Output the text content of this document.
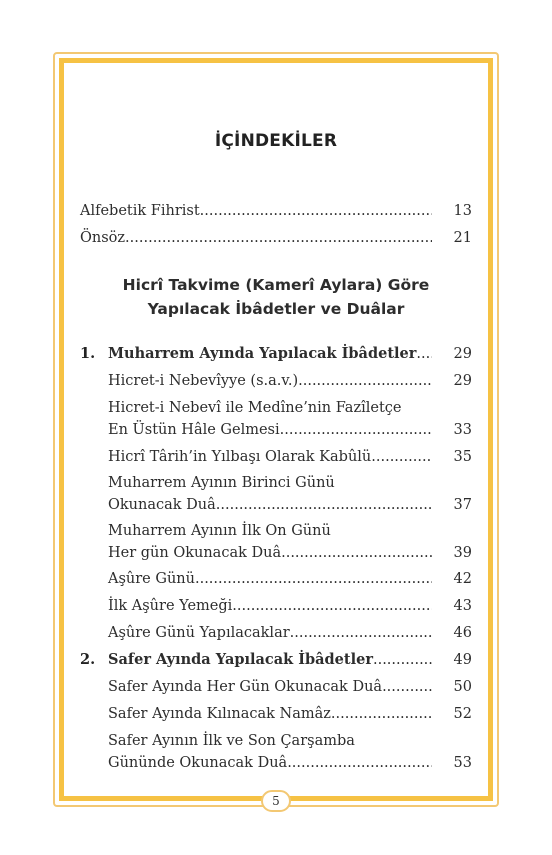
İÇİNDEKİLER
Alfebetik Fihrist .....	13
Önsöz .....	21
Hicrî Takvime (Kamerî Aylara) Göre
Yapılacak İbâdetler ve Duâlar
1. Muharrem Ayında Yapılacak İbâdetler .....	29
Hicret-i Nebevîyye (s.a.v.) .....	29
Hicret-i Nebevî ile Medîne’nin Fazîletçe
En Üstün Hâle Gelmesi .....	33
Hicrî Târih’in Yılbaşı Olarak Kabûlü .....	35
Muharrem Ayının Birinci Günü
Okunacak Duâ .....	37
Muharrem Ayının İlk On Günü
Her gün Okunacak Duâ .....	39
Aşûre Günü .....	42
İlk Aşûre Yemeği .....	43
Aşûre Günü Yapılacaklar .....	46
2. Safer Ayında Yapılacak İbâdetler .....	49
Safer Ayında Her Gün Okunacak Duâ .....	50
Safer Ayında Kılınacak Namâz .....	52
Safer Ayının İlk ve Son Çarşamba
Gününde Okunacak Duâ .....	53
5
